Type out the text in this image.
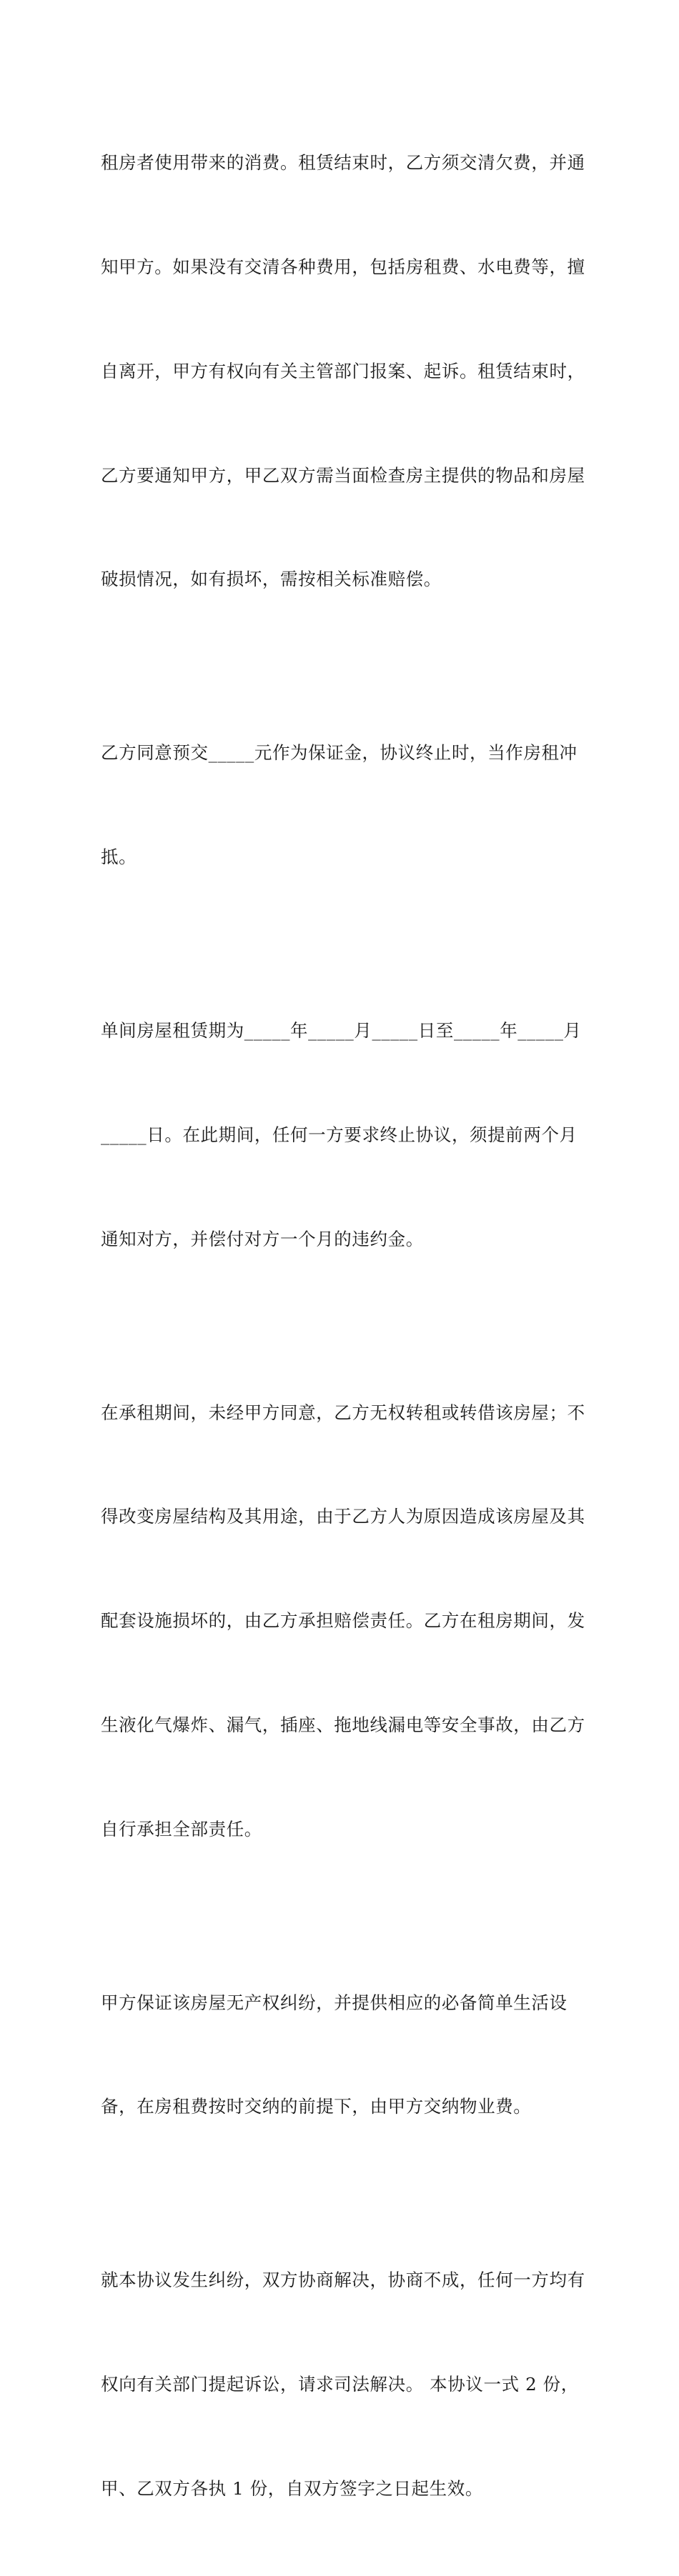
租房者使用带来的消费。租赁结束时，乙方须交清欠费，并通

知甲方。如果没有交清各种费用，包括房租费、水电费等，擅

自离开，甲方有权向有关主管部门报案、起诉。租赁结束时，

乙方要通知甲方，甲乙双方需当面检查房主提供的物品和房屋

破损情况，如有损坏，需按相关标准赔偿。

乙方同意预交_____元作为保证金，协议终止时，当作房租冲

抵。

单间房屋租赁期为_____年_____月_____日至_____年_____月

_____日。在此期间，任何一方要求终止协议，须提前两个月

通知对方，并偿付对方一个月的违约金。

在承租期间，未经甲方同意，乙方无权转租或转借该房屋；不

得改变房屋结构及其用途，由于乙方人为原因造成该房屋及其

配套设施损坏的，由乙方承担赔偿责任。乙方在租房期间，发

生液化气爆炸、漏气，插座、拖地线漏电等安全事故，由乙方

自行承担全部责任。

甲方保证该房屋无产权纠纷，并提供相应的必备简单生活设

备，在房租费按时交纳的前提下，由甲方交纳物业费。

就本协议发生纠纷，双方协商解决，协商不成，任何一方均有

权向有关部门提起诉讼，请求司法解决。 本协议一式 2 份，

甲、乙双方各执 1 份，自双方签字之日起生效。
